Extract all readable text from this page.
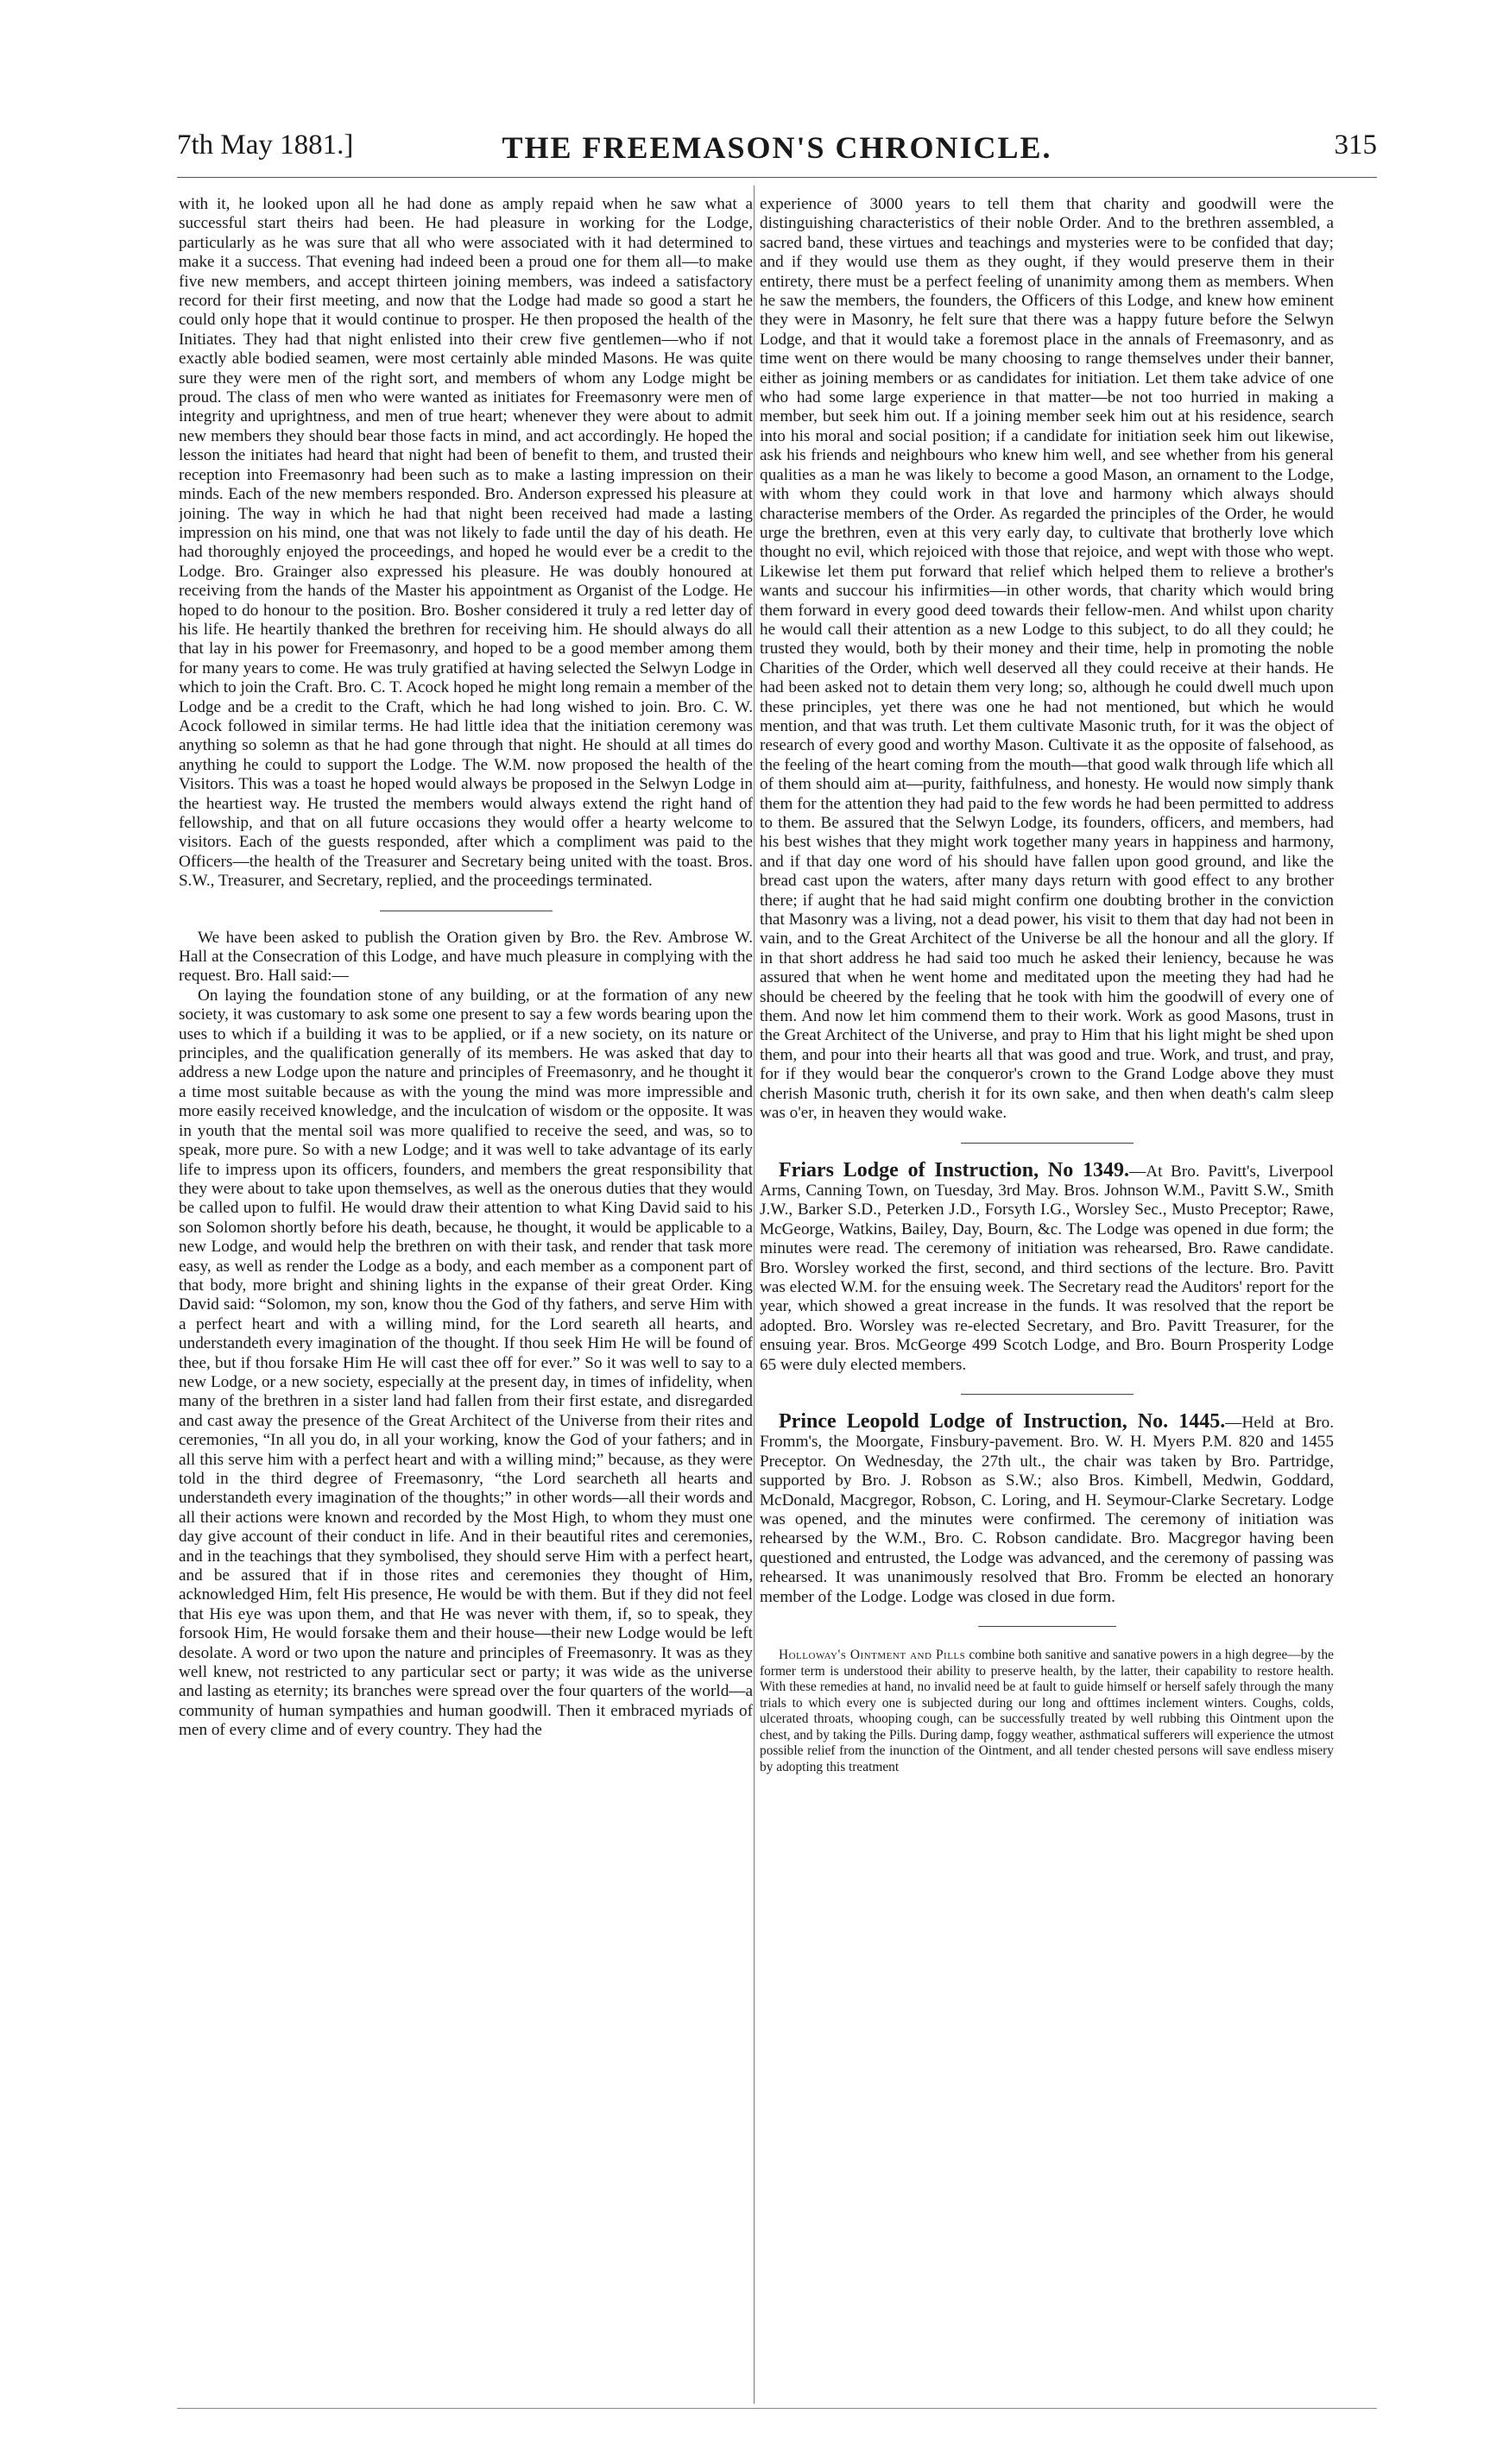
7th May 1881.]	THE FREEMASON'S CHRONICLE.	315

with it, he looked upon all he had done as amply repaid when he saw what a successful start theirs had been. He had pleasure in working for the Lodge, particularly as he was sure that all who were associated with it had determined to make it a success. That evening had indeed been a proud one for them all—to make five new members, and accept thirteen joining members, was indeed a satisfactory record for their first meeting, and now that the Lodge had made so good a start he could only hope that it would continue to prosper. He then proposed the health of the Initiates. They had that night enlisted into their crew five gentlemen—who if not exactly able bodied seamen, were most certainly able minded Masons. He was quite sure they were men of the right sort, and members of whom any Lodge might be proud. The class of men who were wanted as initiates for Freemasonry were men of integrity and uprightness, and men of true heart; whenever they were about to admit new members they should bear those facts in mind, and act accordingly. He hoped the lesson the initiates had heard that night had been of benefit to them, and trusted their reception into Freemasonry had been such as to make a lasting impression on their minds. Each of the new members responded. Bro. Anderson expressed his pleasure at joining. The way in which he had that night been received had made a lasting impression on his mind, one that was not likely to fade until the day of his death. He had thoroughly enjoyed the proceedings, and hoped he would ever be a credit to the Lodge. Bro. Grainger also expressed his pleasure. He was doubly honoured at receiving from the hands of the Master his appointment as Organist of the Lodge. He hoped to do honour to the position. Bro. Bosher considered it truly a red letter day of his life. He heartily thanked the brethren for receiving him. He should always do all that lay in his power for Freemasonry, and hoped to be a good member among them for many years to come. He was truly gratified at having selected the Selwyn Lodge in which to join the Craft. Bro. C. T. Acock hoped he might long remain a member of the Lodge and be a credit to the Craft, which he had long wished to join. Bro. C. W. Acock followed in similar terms. He had little idea that the initiation ceremony was anything so solemn as that he had gone through that night. He should at all times do anything he could to support the Lodge. The W.M. now proposed the health of the Visitors. This was a toast he hoped would always be proposed in the Selwyn Lodge in the heartiest way. He trusted the members would always extend the right hand of fellowship, and that on all future occasions they would offer a hearty welcome to visitors. Each of the guests responded, after which a compliment was paid to the Officers—the health of the Treasurer and Secretary being united with the toast. Bros. S.W., Treasurer, and Secretary, replied, and the proceedings terminated.

We have been asked to publish the Oration given by Bro. the Rev. Ambrose W. Hall at the Consecration of this Lodge, and have much pleasure in complying with the request. Bro. Hall said:—

On laying the foundation stone of any building, or at the formation of any new society, it was customary to ask some one present to say a few words bearing upon the uses to which if a building it was to be applied, or if a new society, on its nature or principles, and the qualification generally of its members. He was asked that day to address a new Lodge upon the nature and principles of Freemasonry, and he thought it a time most suitable because as with the young the mind was more impressible and more easily received knowledge, and the inculcation of wisdom or the opposite. It was in youth that the mental soil was more qualified to receive the seed, and was, so to speak, more pure. So with a new Lodge; and it was well to take advantage of its early life to impress upon its officers, founders, and members the great responsibility that they were about to take upon themselves, as well as the onerous duties that they would be called upon to fulfil. He would draw their attention to what King David said to his son Solomon shortly before his death, because, he thought, it would be applicable to a new Lodge, and would help the brethren on with their task, and render that task more easy, as well as render the Lodge as a body, and each member as a component part of that body, more bright and shining lights in the expanse of their great Order. King David said: “Solomon, my son, know thou the God of thy fathers, and serve Him with a perfect heart and with a willing mind, for the Lord seareth all hearts, and understandeth every imagination of the thought. If thou seek Him He will be found of thee, but if thou forsake Him He will cast thee off for ever.” So it was well to say to a new Lodge, or a new society, especially at the present day, in times of infidelity, when many of the brethren in a sister land had fallen from their first estate, and disregarded and cast away the presence of the Great Architect of the Universe from their rites and ceremonies, “In all you do, in all your working, know the God of your fathers; and in all this serve him with a perfect heart and with a willing mind;” because, as they were told in the third degree of Freemasonry, “the Lord searcheth all hearts and understandeth every imagination of the thoughts;” in other words—all their words and all their actions were known and recorded by the Most High, to whom they must one day give account of their conduct in life. And in their beautiful rites and ceremonies, and in the teachings that they symbolised, they should serve Him with a perfect heart, and be assured that if in those rites and ceremonies they thought of Him, acknowledged Him, felt His presence, He would be with them. But if they did not feel that His eye was upon them, and that He was never with them, if, so to speak, they forsook Him, He would forsake them and their house—their new Lodge would be left desolate. A word or two upon the nature and principles of Freemasonry. It was as they well knew, not restricted to any particular sect or party; it was wide as the universe and lasting as eternity; its branches were spread over the four quarters of the world—a community of human sympathies and human goodwill. Then it embraced myriads of men of every clime and of every country. They had the

experience of 3000 years to tell them that charity and goodwill were the distinguishing characteristics of their noble Order. And to the brethren assembled, a sacred band, these virtues and teachings and mysteries were to be confided that day; and if they would use them as they ought, if they would preserve them in their entirety, there must be a perfect feeling of unanimity among them as members. When he saw the members, the founders, the Officers of this Lodge, and knew how eminent they were in Masonry, he felt sure that there was a happy future before the Selwyn Lodge, and that it would take a foremost place in the annals of Freemasonry, and as time went on there would be many choosing to range themselves under their banner, either as joining members or as candidates for initiation. Let them take advice of one who had some large experience in that matter—be not too hurried in making a member, but seek him out. If a joining member seek him out at his residence, search into his moral and social position; if a candidate for initiation seek him out likewise, ask his friends and neighbours who knew him well, and see whether from his general qualities as a man he was likely to become a good Mason, an ornament to the Lodge, with whom they could work in that love and harmony which always should characterise members of the Order. As regarded the principles of the Order, he would urge the brethren, even at this very early day, to cultivate that brotherly love which thought no evil, which rejoiced with those that rejoice, and wept with those who wept. Likewise let them put forward that relief which helped them to relieve a brother's wants and succour his infirmities—in other words, that charity which would bring them forward in every good deed towards their fellow-men. And whilst upon charity he would call their attention as a new Lodge to this subject, to do all they could; he trusted they would, both by their money and their time, help in promoting the noble Charities of the Order, which well deserved all they could receive at their hands. He had been asked not to detain them very long; so, although he could dwell much upon these principles, yet there was one he had not mentioned, but which he would mention, and that was truth. Let them cultivate Masonic truth, for it was the object of research of every good and worthy Mason. Cultivate it as the opposite of falsehood, as the feeling of the heart coming from the mouth—that good walk through life which all of them should aim at—purity, faithfulness, and honesty. He would now simply thank them for the attention they had paid to the few words he had been permitted to address to them. Be assured that the Selwyn Lodge, its founders, officers, and members, had his best wishes that they might work together many years in happiness and harmony, and if that day one word of his should have fallen upon good ground, and like the bread cast upon the waters, after many days return with good effect to any brother there; if aught that he had said might confirm one doubting brother in the conviction that Masonry was a living, not a dead power, his visit to them that day had not been in vain, and to the Great Architect of the Universe be all the honour and all the glory. If in that short address he had said too much he asked their leniency, because he was assured that when he went home and meditated upon the meeting they had had he should be cheered by the feeling that he took with him the goodwill of every one of them. And now let him commend them to their work. Work as good Masons, trust in the Great Architect of the Universe, and pray to Him that his light might be shed upon them, and pour into their hearts all that was good and true. Work, and trust, and pray, for if they would bear the conqueror's crown to the Grand Lodge above they must cherish Masonic truth, cherish it for its own sake, and then when death's calm sleep was o'er, in heaven they would wake.

Friars Lodge of Instruction, No 1349.—At Bro. Pavitt's, Liverpool Arms, Canning Town, on Tuesday, 3rd May. Bros. Johnson W.M., Pavitt S.W., Smith J.W., Barker S.D., Peterken J.D., Forsyth I.G., Worsley Sec., Musto Preceptor; Rawe, McGeorge, Watkins, Bailey, Day, Bourn, &c. The Lodge was opened in due form; the minutes were read. The ceremony of initiation was rehearsed, Bro. Rawe candidate. Bro. Worsley worked the first, second, and third sections of the lecture. Bro. Pavitt was elected W.M. for the ensuing week. The Secretary read the Auditors' report for the year, which showed a great increase in the funds. It was resolved that the report be adopted. Bro. Worsley was re-elected Secretary, and Bro. Pavitt Treasurer, for the ensuing year. Bros. McGeorge 499 Scotch Lodge, and Bro. Bourn Prosperity Lodge 65 were duly elected members.

Prince Leopold Lodge of Instruction, No. 1445.—Held at Bro. Fromm's, the Moorgate, Finsbury-pavement. Bro. W. H. Myers P.M. 820 and 1455 Preceptor. On Wednesday, the 27th ult., the chair was taken by Bro. Partridge, supported by Bro. J. Robson as S.W.; also Bros. Kimbell, Medwin, Goddard, McDonald, Macgregor, Robson, C. Loring, and H. Seymour-Clarke Secretary. Lodge was opened, and the minutes were confirmed. The ceremony of initiation was rehearsed by the W.M., Bro. C. Robson candidate. Bro. Macgregor having been questioned and entrusted, the Lodge was advanced, and the ceremony of passing was rehearsed. It was unanimously resolved that Bro. Fromm be elected an honorary member of the Lodge. Lodge was closed in due form.

Holloway's Ointment and Pills combine both sanitive and sanative powers in a high degree—by the former term is understood their ability to preserve health, by the latter, their capability to restore health. With these remedies at hand, no invalid need be at fault to guide himself or herself safely through the many trials to which every one is subjected during our long and ofttimes inclement winters. Coughs, colds, ulcerated throats, whooping cough, can be successfully treated by well rubbing this Ointment upon the chest, and by taking the Pills. During damp, foggy weather, asthmatical sufferers will experience the utmost possible relief from the inunction of the Ointment, and all tender chested persons will save endless misery by adopting this treatment
